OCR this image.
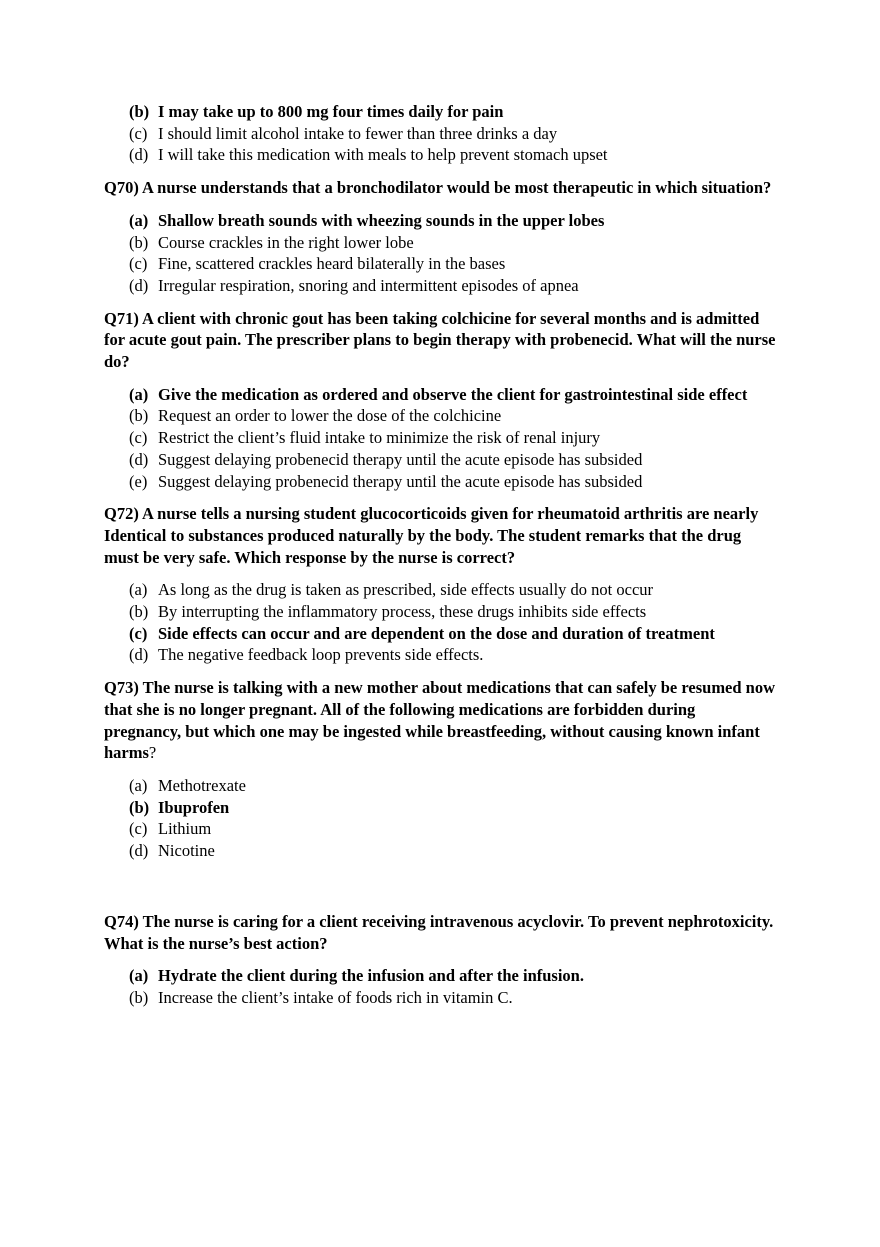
(b) I may take up to 800 mg four times daily for pain
(c) I should limit alcohol intake to fewer than three drinks a day
(d) I will take this medication with meals to help prevent stomach upset

Q70) A nurse understands that a bronchodilator would be most therapeutic in which situation?

(a) Shallow breath sounds with wheezing sounds in the upper lobes
(b) Course crackles in the right lower lobe
(c) Fine, scattered crackles heard bilaterally in the bases
(d) Irregular respiration, snoring and intermittent episodes of apnea

Q71) A client with chronic gout has been taking colchicine for several months and is admitted for acute gout pain. The prescriber plans to begin therapy with probenecid. What will the nurse do?

(a) Give the medication as ordered and observe the client for gastrointestinal side effect
(b) Request an order to lower the dose of the colchicine
(c) Restrict the client’s fluid intake to minimize the risk of renal injury
(d) Suggest delaying probenecid therapy until the acute episode has subsided
(e) Suggest delaying probenecid therapy until the acute episode has subsided

Q72) A nurse tells a nursing student glucocorticoids given for rheumatoid arthritis are nearly Identical to substances produced naturally by the body. The student remarks that the drug must be very safe. Which response by the nurse is correct?

(a) As long as the drug is taken as prescribed, side effects usually do not occur
(b) By interrupting the inflammatory process, these drugs inhibits side effects
(c) Side effects can occur and are dependent on the dose and duration of treatment
(d) The negative feedback loop prevents side effects.

Q73) The nurse is talking with a new mother about medications that can safely be resumed now that she is no longer pregnant. All of the following medications are forbidden during pregnancy, but which one may be ingested while breastfeeding, without causing known infant harms?

(a) Methotrexate
(b) Ibuprofen
(c) Lithium
(d) Nicotine

Q74) The nurse is caring for a client receiving intravenous acyclovir. To prevent nephrotoxicity. What is the nurse’s best action?

(a) Hydrate the client during the infusion and after the infusion.
(b) Increase the client’s intake of foods rich in vitamin C.
